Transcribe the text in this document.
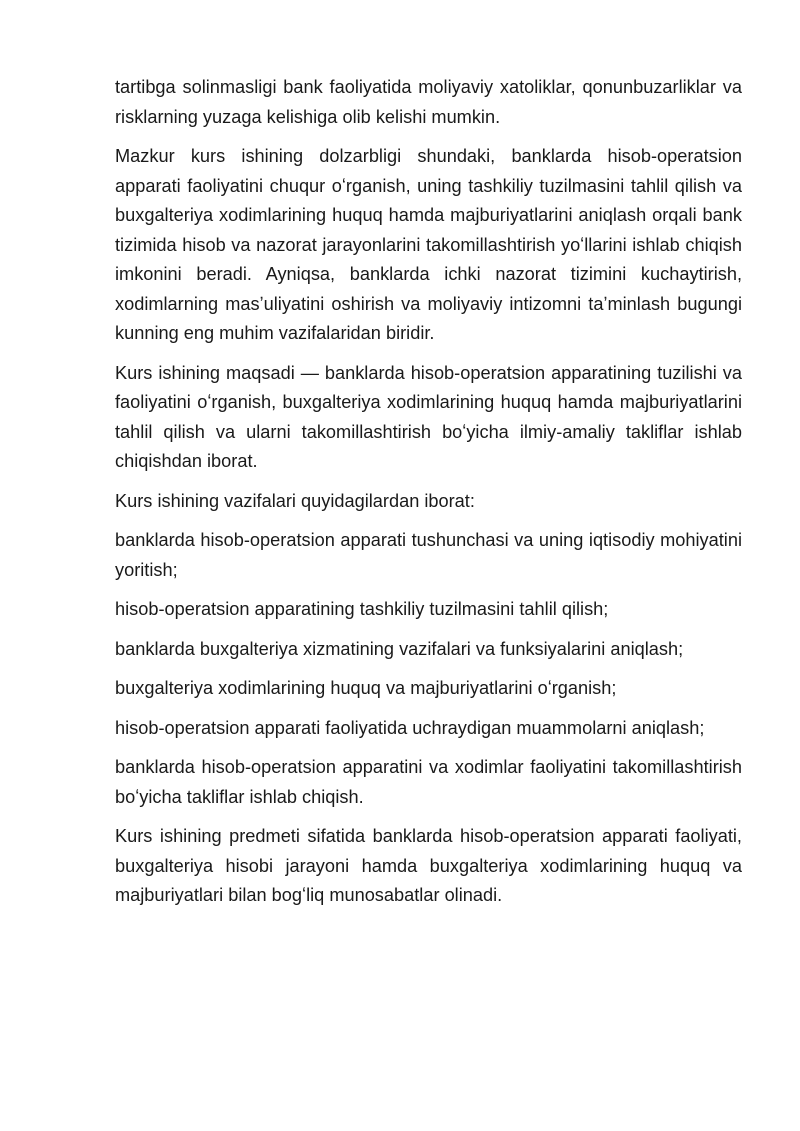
tartibga solinmasligi bank faoliyatida moliyaviy xatoliklar, qonunbuzarliklar va risklarning yuzaga kelishiga olib kelishi mumkin.

Mazkur kurs ishining dolzarbligi shundaki, banklarda hisob-operatsion apparati faoliyatini chuqur oʻrganish, uning tashkiliy tuzilmasini tahlil qilish va buxgalteriya xodimlarining huquq hamda majburiyatlarini aniqlash orqali bank tizimida hisob va nazorat jarayonlarini takomillashtirish yoʻllarini ishlab chiqish imkonini beradi. Ayniqsa, banklarda ichki nazorat tizimini kuchaytirish, xodimlarning masʼuliyatini oshirish va moliyaviy intizomni taʼminlash bugungi kunning eng muhim vazifalaridan biridir.

Kurs ishining maqsadi — banklarda hisob-operatsion apparatining tuzilishi va faoliyatini oʻrganish, buxgalteriya xodimlarining huquq hamda majburiyatlarini tahlil qilish va ularni takomillashtirish boʻyicha ilmiy-amaliy takliflar ishlab chiqishdan iborat.

Kurs ishining vazifalari quyidagilardan iborat:

banklarda hisob-operatsion apparati tushunchasi va uning iqtisodiy mohiyatini yoritish;

hisob-operatsion apparatining tashkiliy tuzilmasini tahlil qilish;

banklarda buxgalteriya xizmatining vazifalari va funksiyalarini aniqlash;

buxgalteriya xodimlarining huquq va majburiyatlarini oʻrganish;

hisob-operatsion apparati faoliyatida uchraydigan muammolarni aniqlash;

banklarda hisob-operatsion apparatini va xodimlar faoliyatini takomillashtirish boʻyicha takliflar ishlab chiqish.

Kurs ishining predmeti sifatida banklarda hisob-operatsion apparati faoliyati, buxgalteriya hisobi jarayoni hamda buxgalteriya xodimlarining huquq va majburiyatlari bilan bogʻliq munosabatlar olinadi.
